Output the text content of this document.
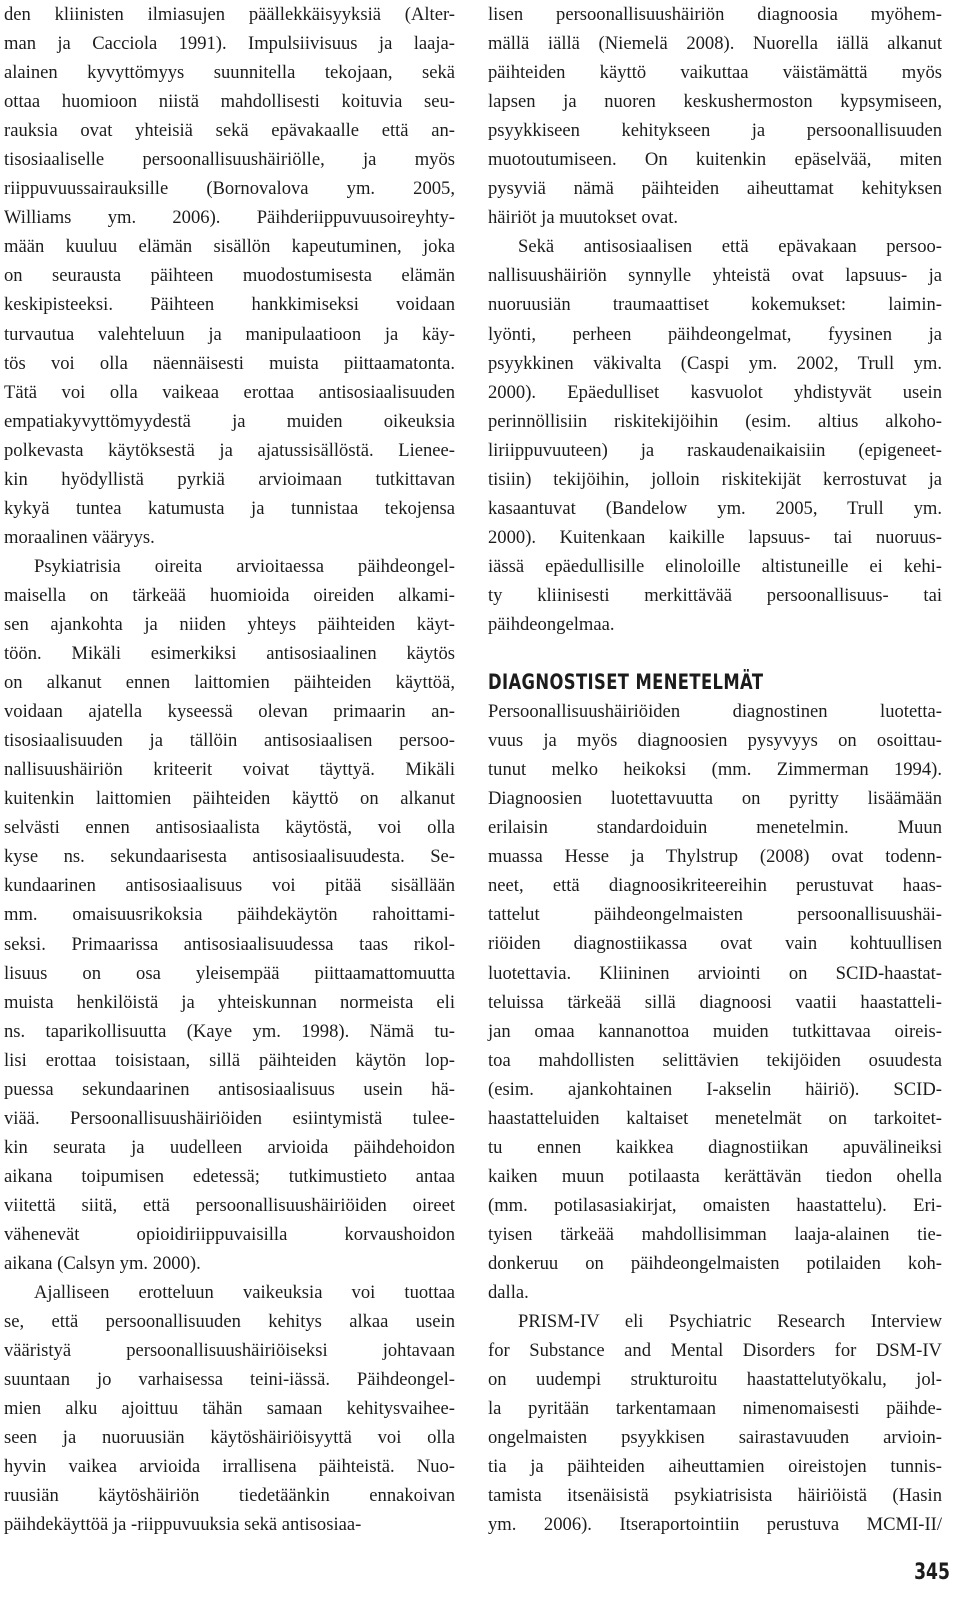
den kliinisten ilmiasujen päällekkäisyyksiä (Alter-
man ja Cacciola 1991). Impulsiivisuus ja laaja-
alainen kyvyttömyys suunnitella tekojaan, sekä
ottaa huomioon niistä mahdollisesti koituvia seu-
rauksia ovat yhteisiä sekä epävakaalle että an-
tisosiaaliselle persoonallisuushäiriölle, ja myös
riippuvuussairauksille (Bornovalova ym. 2005,
Williams ym. 2006). Päihderiippuvuusoireyhty-
mään kuuluu elämän sisällön kapeutuminen, joka
on seurausta päihteen muodostumisesta elämän
keskipisteeksi. Päihteen hankkimiseksi voidaan
turvautua valehteluun ja manipulaatioon ja käy-
tös voi olla näennäisesti muista piittaamatonta.
Tätä voi olla vaikeaa erottaa antisosiaalisuuden
empatiakyvyttömyydestä ja muiden oikeuksia
polkevasta käytöksestä ja ajatussisällöstä. Lienee-
kin hyödyllistä pyrkiä arvioimaan tutkittavan
kykyä tuntea katumusta ja tunnistaa tekojensa
moraalinen vääryys.
Psykiatrisia oireita arvioitaessa päihdeongel-
maisella on tärkeää huomioida oireiden alkami-
sen ajankohta ja niiden yhteys päihteiden käyt-
töön. Mikäli esimerkiksi antisosiaalinen käytös
on alkanut ennen laittomien päihteiden käyttöä,
voidaan ajatella kyseessä olevan primaarin an-
tisosiaalisuuden ja tällöin antisosiaalisen persoo-
nallisuushäiriön kriteerit voivat täyttyä. Mikäli
kuitenkin laittomien päihteiden käyttö on alkanut
selvästi ennen antisosiaalista käytöstä, voi olla
kyse ns. sekundaarisesta antisosiaalisuudesta. Se-
kundaarinen antisosiaalisuus voi pitää sisällään
mm. omaisuusrikoksia päihdekäytön rahoittami-
seksi. Primaarissa antisosiaalisuudessa taas rikol-
lisuus on osa yleisempää piittaamattomuutta
muista henkilöistä ja yhteiskunnan normeista eli
ns. taparikollisuutta (Kaye ym. 1998). Nämä tu-
lisi erottaa toisistaan, sillä päihteiden käytön lop-
puessa sekundaarinen antisosiaalisuus usein hä-
viää. Persoonallisuushäiriöiden esiintymistä tulee-
kin seurata ja uudelleen arvioida päihdehoidon
aikana toipumisen edetessä; tutkimustieto antaa
viitettä siitä, että persoonallisuushäiriöiden oireet
vähenevät opioidiriippuvaisilla korvaushoidon
aikana (Calsyn ym. 2000).
Ajalliseen erotteluun vaikeuksia voi tuottaa
se, että persoonallisuuden kehitys alkaa usein
vääristyä persoonallisuushäiriöiseksi johtavaan
suuntaan jo varhaisessa teini-iässä. Päihdeongel-
mien alku ajoittuu tähän samaan kehitysvaihee-
seen ja nuoruusiän käytöshäiriöisyyttä voi olla
hyvin vaikea arvioida irrallisena päihteistä. Nuo-
ruusiän käytöshäiriön tiedetäänkin ennakoivan
päihdekäyttöä ja -riippuvuuksia sekä antisosiaa-
lisen persoonallisuushäiriön diagnoosia myöhem-
mällä iällä (Niemelä 2008). Nuorella iällä alkanut
päihteiden käyttö vaikuttaa väistämättä myös
lapsen ja nuoren keskushermoston kypsymiseen,
psyykkiseen kehitykseen ja persoonallisuuden
muotoutumiseen. On kuitenkin epäselvää, miten
pysyviä nämä päihteiden aiheuttamat kehityksen
häiriöt ja muutokset ovat.
Sekä antisosiaalisen että epävakaan persoo-
nallisuushäiriön synnylle yhteistä ovat lapsuus- ja
nuoruusiän traumaattiset kokemukset: laimin-
lyönti, perheen päihdeongelmat, fyysinen ja
psyykkinen väkivalta (Caspi ym. 2002, Trull ym.
2000). Epäedulliset kasvuolot yhdistyvät usein
perinnöllisiin riskitekijöihin (esim. altius alkoho-
liriippuvuuteen) ja raskaudenaikaisiin (epigeneet-
tisiin) tekijöihin, jolloin riskitekijät kerrostuvat ja
kasaantuvat (Bandelow ym. 2005, Trull ym.
2000). Kuitenkaan kaikille lapsuus- tai nuoruus-
iässä epäedullisille elinoloille altistuneille ei kehi-
ty kliinisesti merkittävää persoonallisuus- tai
päihdeongelmaa.
DIAGNOSTISET MENETELMÄT
Persoonallisuushäiriöiden diagnostinen luotetta-
vuus ja myös diagnoosien pysyvyys on osoittau-
tunut melko heikoksi (mm. Zimmerman 1994).
Diagnoosien luotettavuutta on pyritty lisäämään
erilaisin standardoiduin menetelmin. Muun
muassa Hesse ja Thylstrup (2008) ovat todenn-
neet, että diagnoosikriteereihin perustuvat haas-
tattelut päihdeongelmaisten persoonallisuushäi-
riöiden diagnostiikassa ovat vain kohtuullisen
luotettavia. Kliininen arviointi on SCID-haastat-
teluissa tärkeää sillä diagnoosi vaatii haastatteli-
jan omaa kannanottoa muiden tutkittavaa oireis-
toa mahdollisten selittävien tekijöiden osuudesta
(esim. ajankohtainen I-akselin häiriö). SCID-
haastatteluiden kaltaiset menetelmät on tarkoitet-
tu ennen kaikkea diagnostiikan apuvälineiksi
kaiken muun potilaasta kerättävän tiedon ohella
(mm. potilasasiakirjat, omaisten haastattelu). Eri-
tyisen tärkeää mahdollisimman laaja-alainen tie-
donkeruu on päihdeongelmaisten potilaiden koh-
dalla.
PRISM-IV eli Psychiatric Research Interview
for Substance and Mental Disorders for DSM-IV
on uudempi strukturoitu haastattelutyökalu, jol-
la pyritään tarkentamaan nimenomaisesti päihde-
ongelmaisten psyykkisen sairastavuuden arvioin-
tia ja päihteiden aiheuttamien oireistojen tunnis-
tamista itsenäisistä psykiatrisista häiriöistä (Hasin
ym. 2006). Itseraportointiin perustuva MCMI-II/
345
